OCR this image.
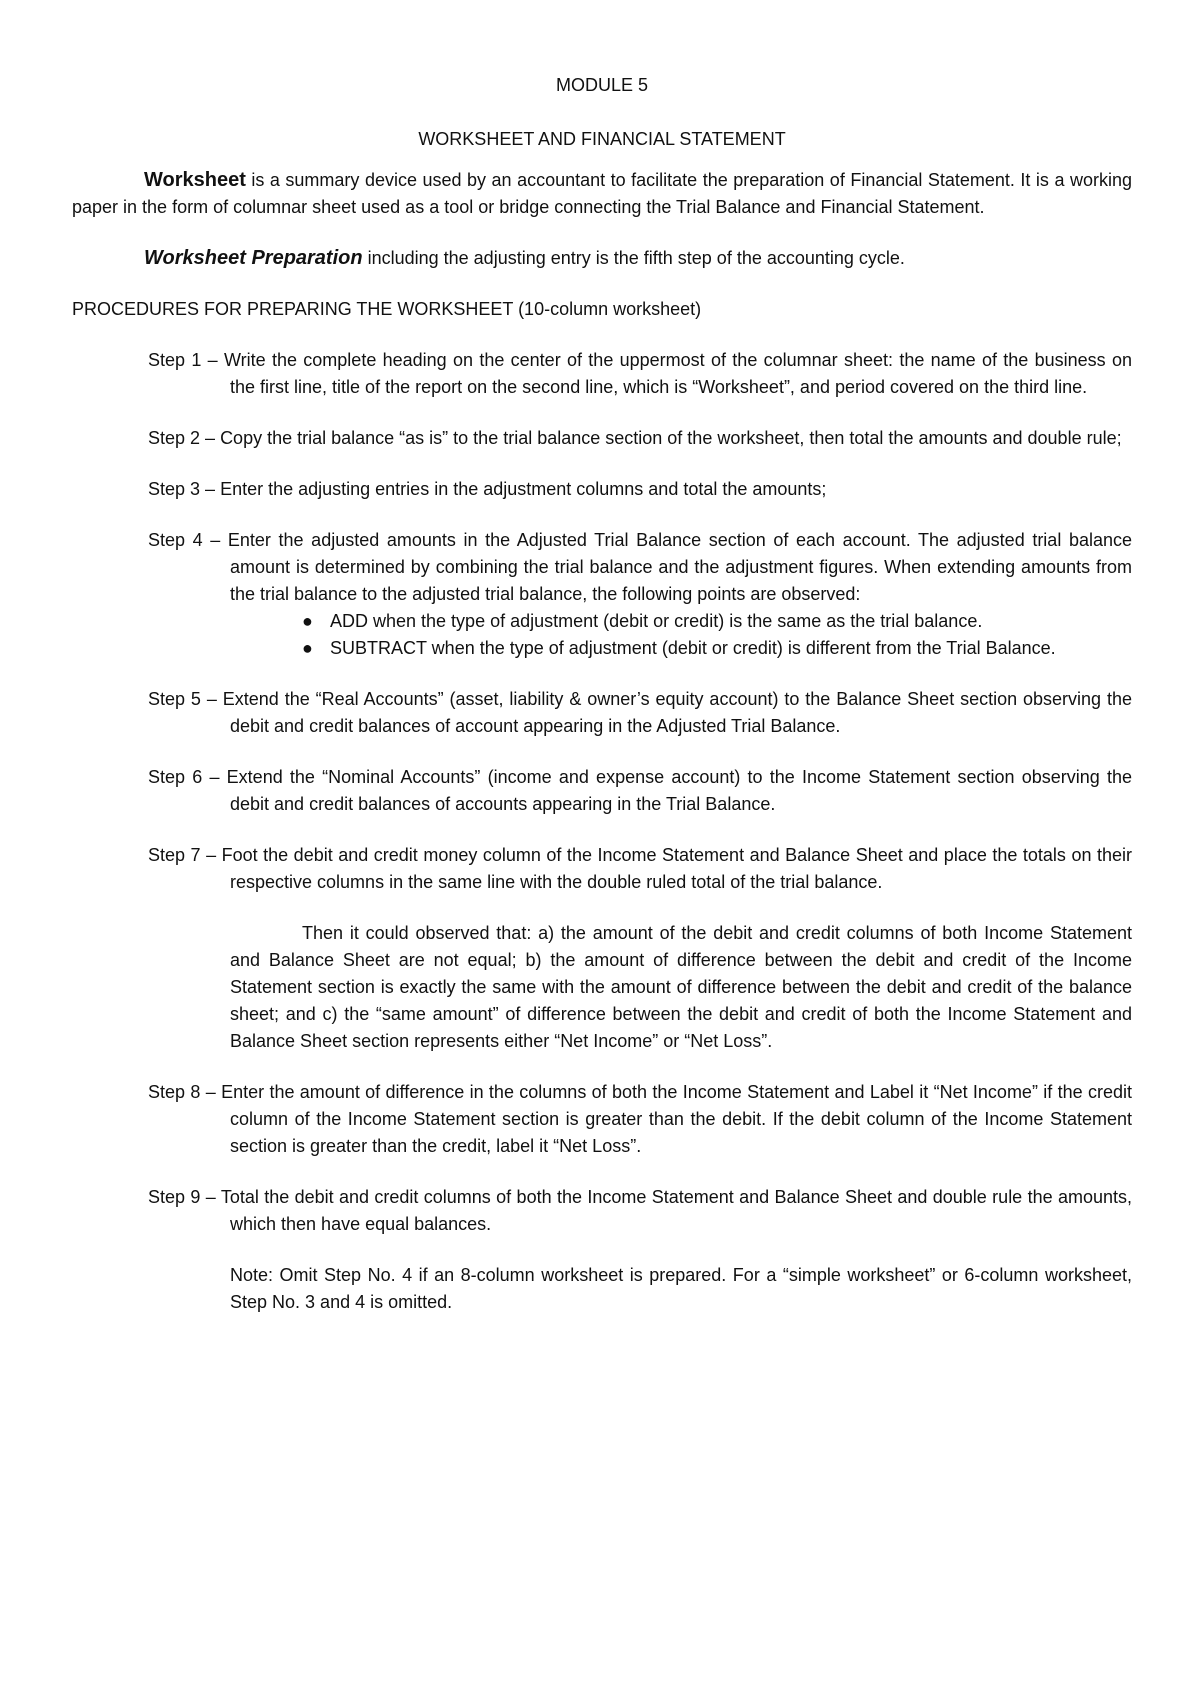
MODULE 5
WORKSHEET AND FINANCIAL STATEMENT

Worksheet is a summary device used by an accountant to facilitate the preparation of Financial Statement. It is a working paper in the form of columnar sheet used as a tool or bridge connecting the Trial Balance and Financial Statement.

Worksheet Preparation including the adjusting entry is the fifth step of the accounting cycle.

PROCEDURES FOR PREPARING THE WORKSHEET (10-column worksheet)

Step 1 – Write the complete heading on the center of the uppermost of the columnar sheet: the name of the business on the first line, title of the report on the second line, which is “Worksheet”, and period covered on the third line.

Step 2 – Copy the trial balance “as is” to the trial balance section of the worksheet, then total the amounts and double rule;

Step 3 – Enter the adjusting entries in the adjustment columns and total the amounts;

Step 4 – Enter the adjusted amounts in the Adjusted Trial Balance section of each account. The adjusted trial balance amount is determined by combining the trial balance and the adjustment figures. When extending amounts from the trial balance to the adjusted trial balance, the following points are observed:
● ADD when the type of adjustment (debit or credit) is the same as the trial balance.
● SUBTRACT when the type of adjustment (debit or credit) is different from the Trial Balance.

Step 5 – Extend the “Real Accounts” (asset, liability & owner’s equity account) to the Balance Sheet section observing the debit and credit balances of account appearing in the Adjusted Trial Balance.

Step 6 – Extend the “Nominal Accounts” (income and expense account) to the Income Statement section observing the debit and credit balances of accounts appearing in the Trial Balance.

Step 7 – Foot the debit and credit money column of the Income Statement and Balance Sheet and place the totals on their respective columns in the same line with the double ruled total of the trial balance.

Then it could observed that: a) the amount of the debit and credit columns of both Income Statement and Balance Sheet are not equal; b) the amount of difference between the debit and credit of the Income Statement section is exactly the same with the amount of difference between the debit and credit of the balance sheet; and c) the “same amount” of difference between the debit and credit of both the Income Statement and Balance Sheet section represents either “Net Income” or “Net Loss”.

Step 8 – Enter the amount of difference in the columns of both the Income Statement and Label it “Net Income” if the credit column of the Income Statement section is greater than the debit. If the debit column of the Income Statement section is greater than the credit, label it “Net Loss”.

Step 9 – Total the debit and credit columns of both the Income Statement and Balance Sheet and double rule the amounts, which then have equal balances.

Note: Omit Step No. 4 if an 8-column worksheet is prepared. For a “simple worksheet” or 6-column worksheet, Step No. 3 and 4 is omitted.
